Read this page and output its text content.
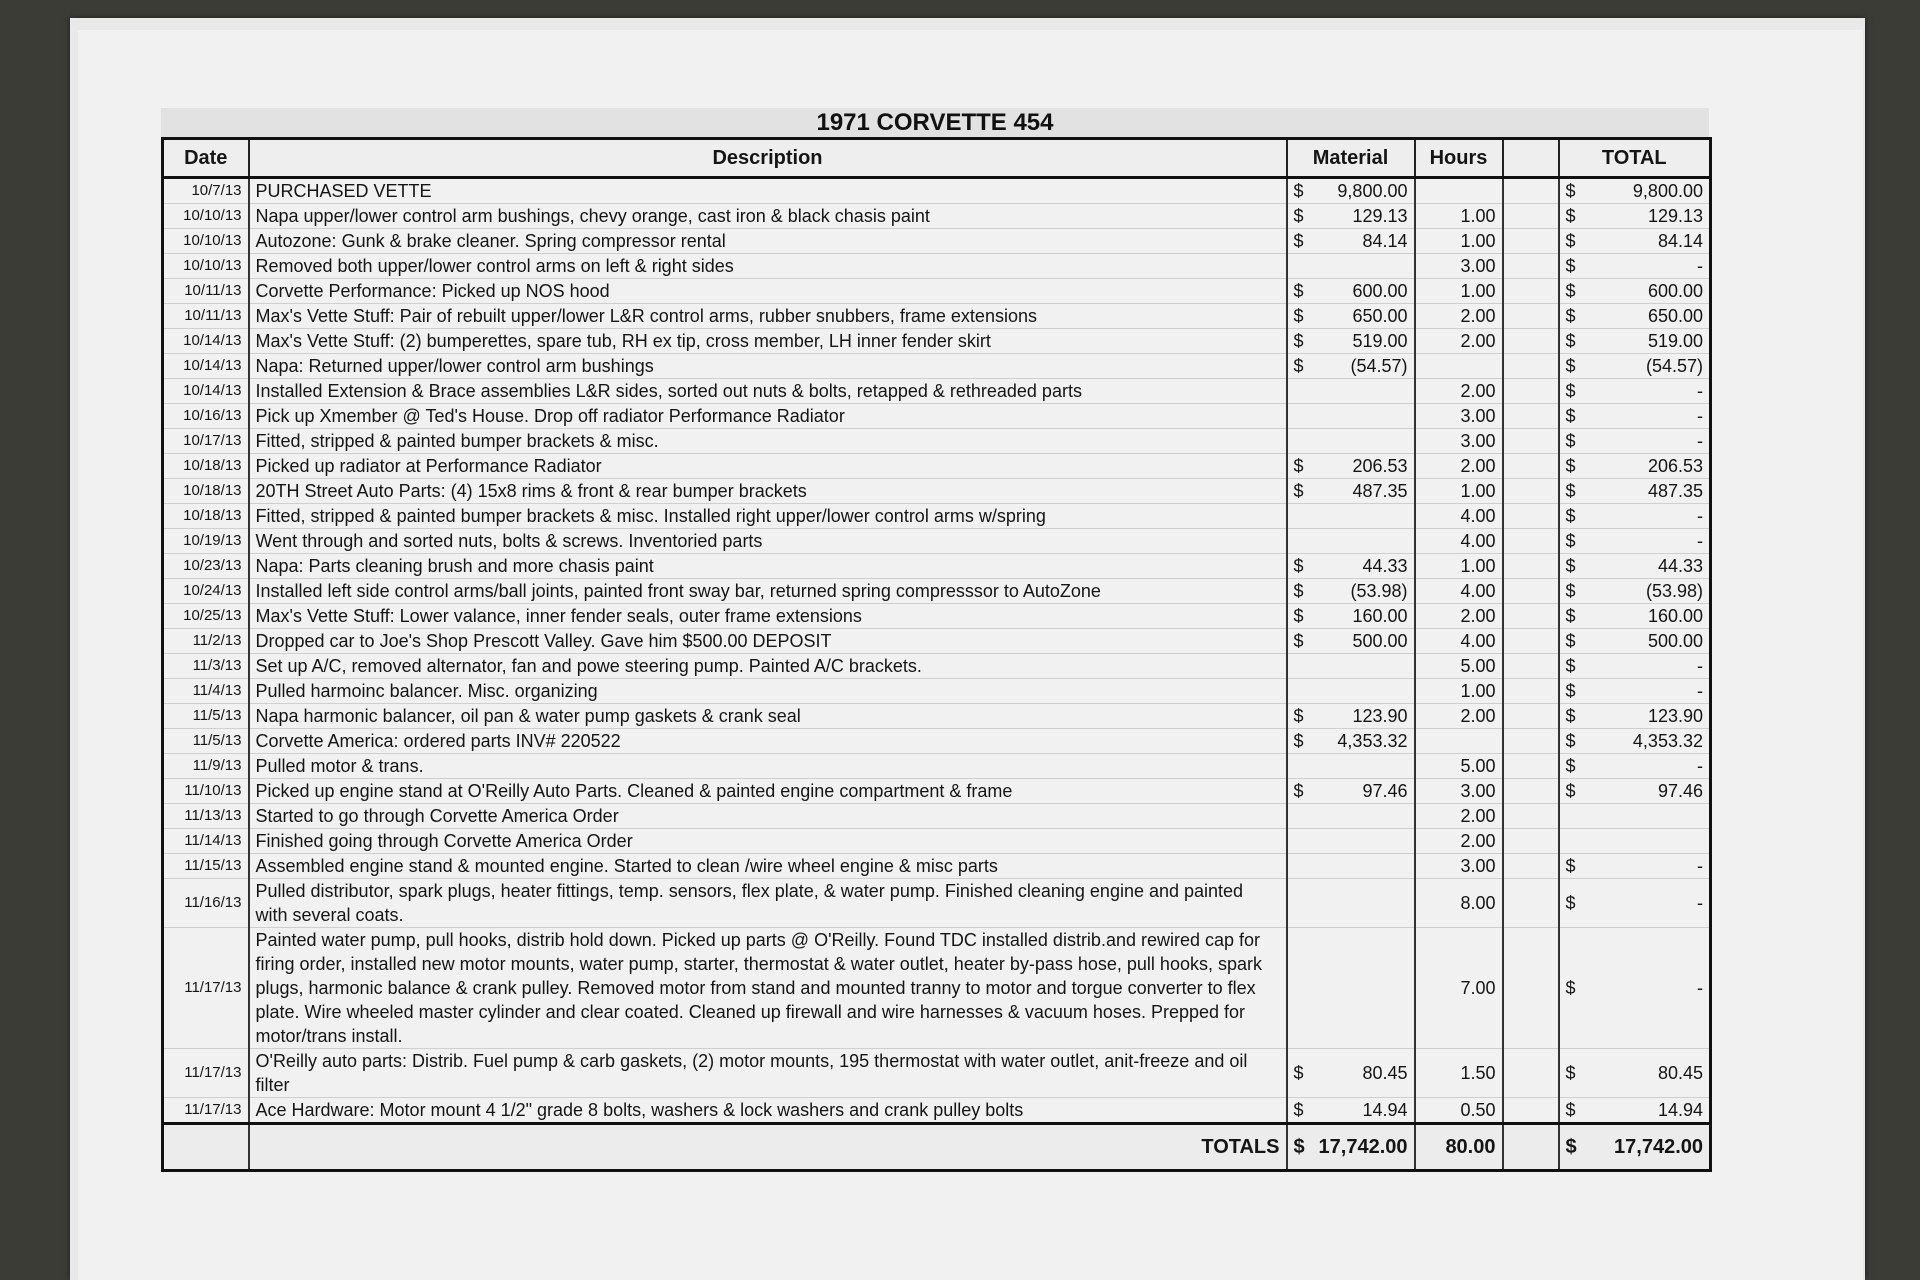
1971 CORVETTE 454
Date	Description	Material		Hours		TOTAL	
10/7/13	PURCHASED VETTE	$	9,800.00			$	9,800.00
10/10/13	Napa upper/lower control arm bushings, chevy orange, cast iron & black chasis paint	$	129.13	1.00		$	129.13
10/10/13	Autozone: Gunk & brake cleaner. Spring compressor rental	$	84.14	1.00		$	84.14
10/10/13	Removed both upper/lower control arms on left & right sides			3.00		$	-
10/11/13	Corvette Performance: Picked up NOS hood	$	600.00	1.00		$	600.00
10/11/13	Max's Vette Stuff: Pair of rebuilt upper/lower L&R control arms, rubber snubbers, frame extensions	$	650.00	2.00		$	650.00
10/14/13	Max's Vette Stuff: (2) bumperettes, spare tub, RH ex tip, cross member, LH inner fender skirt	$	519.00	2.00		$	519.00
10/14/13	Napa: Returned upper/lower control arm bushings	$	(54.57)			$	(54.57)
10/14/13	Installed Extension & Brace assemblies L&R sides, sorted out nuts & bolts, retapped & rethreaded parts			2.00		$	-
10/16/13	Pick up Xmember @ Ted's House. Drop off radiator Performance Radiator			3.00		$	-
10/17/13	Fitted, stripped & painted bumper brackets & misc.			3.00		$	-
10/18/13	Picked up radiator at Performance Radiator	$	206.53	2.00		$	206.53
10/18/13	20TH Street Auto Parts: (4) 15x8 rims & front & rear bumper brackets	$	487.35	1.00		$	487.35
10/18/13	Fitted, stripped & painted bumper brackets & misc. Installed right upper/lower control arms w/spring			4.00		$	-
10/19/13	Went through and sorted nuts, bolts & screws. Inventoried parts			4.00		$	-
10/23/13	Napa: Parts cleaning brush and more chasis paint	$	44.33	1.00		$	44.33
10/24/13	Installed left side control arms/ball joints, painted front sway bar, returned spring compresssor to AutoZone	$	(53.98)	4.00		$	(53.98)
10/25/13	Max's Vette Stuff: Lower valance, inner fender seals, outer frame extensions	$	160.00	2.00		$	160.00
11/2/13	Dropped car to Joe's Shop Prescott Valley. Gave him $500.00 DEPOSIT	$	500.00	4.00		$	500.00
11/3/13	Set up A/C, removed alternator, fan and powe steering pump. Painted A/C brackets.			5.00		$	-
11/4/13	Pulled harmoinc balancer. Misc. organizing			1.00		$	-
11/5/13	Napa harmonic balancer, oil pan & water pump gaskets & crank seal	$	123.90	2.00		$	123.90
11/5/13	Corvette America: ordered parts INV# 220522	$	4,353.32			$	4,353.32
11/9/13	Pulled motor & trans.			5.00		$	-
11/10/13	Picked up engine stand at O'Reilly Auto Parts. Cleaned & painted engine compartment & frame	$	97.46	3.00		$	97.46
11/13/13	Started to go through Corvette America Order			2.00			
11/14/13	Finished going through Corvette America Order			2.00			
11/15/13	Assembled engine stand & mounted engine. Started to clean /wire wheel engine & misc parts			3.00		$	-
11/16/13	Pulled distributor, spark plugs, heater fittings, temp. sensors, flex plate, & water pump. Finished cleaning engine and painted with several coats.			8.00		$	-
11/17/13	Painted water pump, pull hooks, distrib hold down. Picked up parts @ O'Reilly. Found TDC installed distrib.and rewired cap for firing order, installed new motor mounts, water pump, starter, thermostat & water outlet, heater by-pass hose, pull hooks, spark plugs, harmonic balance & crank pulley. Removed motor from stand and mounted tranny to motor and torgue converter to flex plate. Wire wheeled master cylinder and clear coated. Cleaned up firewall and wire harnesses & vacuum hoses. Prepped for motor/trans install.			7.00		$	-
11/17/13	O'Reilly auto parts: Distrib. Fuel pump & carb gaskets, (2) motor mounts, 195 thermostat with water outlet, anit-freeze and oil filter	$	80.45	1.50		$	80.45
11/17/13	Ace Hardware: Motor mount 4 1/2" grade 8 bolts, washers & lock washers and crank pulley bolts	$	14.94	0.50		$	14.94
	TOTALS	$	17,742.00	80.00		$	17,742.00
